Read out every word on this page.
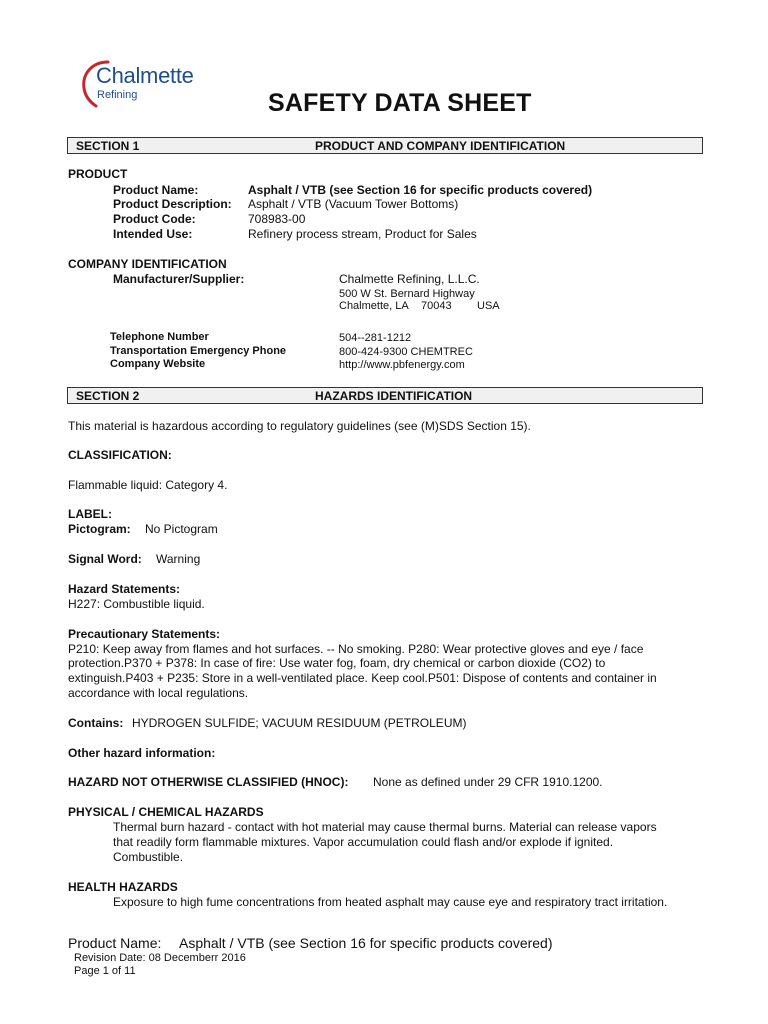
Chalmette
Refining	SAFETY DATA SHEET
SECTION 1	PRODUCT AND COMPANY IDENTIFICATION
PRODUCT
Product Name:	Asphalt / VTB (see Section 16 for specific products covered)
Product Description: Asphalt / VTB (Vacuum Tower Bottoms)
Product Code:	708983-00
Intended Use:	Refinery process stream, Product for Sales
COMPANY IDENTIFICATION
Manufacturer/Supplier:	Chalmette Refining, L.L.C.
500 W St. Bernard Highway
Chalmette, LA 70043 USA
Telephone Number	504--281-1212
Transportation Emergency Phone	800-424-9300 CHEMTREC
Company Website	http://www.pbfenergy.com
SECTION 2	HAZARDS IDENTIFICATION
This material is hazardous according to regulatory guidelines (see (M)SDS Section 15).
CLASSIFICATION:
Flammable liquid: Category 4.
LABEL:
Pictogram: No Pictogram
Signal Word: Warning
Hazard Statements:
H227: Combustible liquid.
Precautionary Statements:
P210: Keep away from flames and hot surfaces. -- No smoking. P280: Wear protective gloves and eye / face
protection.P370 + P378: In case of fire: Use water fog, foam, dry chemical or carbon dioxide (CO2) to
extinguish.P403 + P235: Store in a well-ventilated place. Keep cool.P501: Dispose of contents and container in
accordance with local regulations.
Contains: HYDROGEN SULFIDE; VACUUM RESIDUUM (PETROLEUM)
Other hazard information:
HAZARD NOT OTHERWISE CLASSIFIED (HNOC): None as defined under 29 CFR 1910.1200.
PHYSICAL / CHEMICAL HAZARDS
Thermal burn hazard - contact with hot material may cause thermal burns. Material can release vapors
that readily form flammable mixtures. Vapor accumulation could flash and/or explode if ignited.
Combustible.
HEALTH HAZARDS
Exposure to high fume concentrations from heated asphalt may cause eye and respiratory tract irritation.
Product Name: Asphalt / VTB (see Section 16 for specific products covered)
Revision Date: 08 Decemberr 2016
Page 1 of 11
